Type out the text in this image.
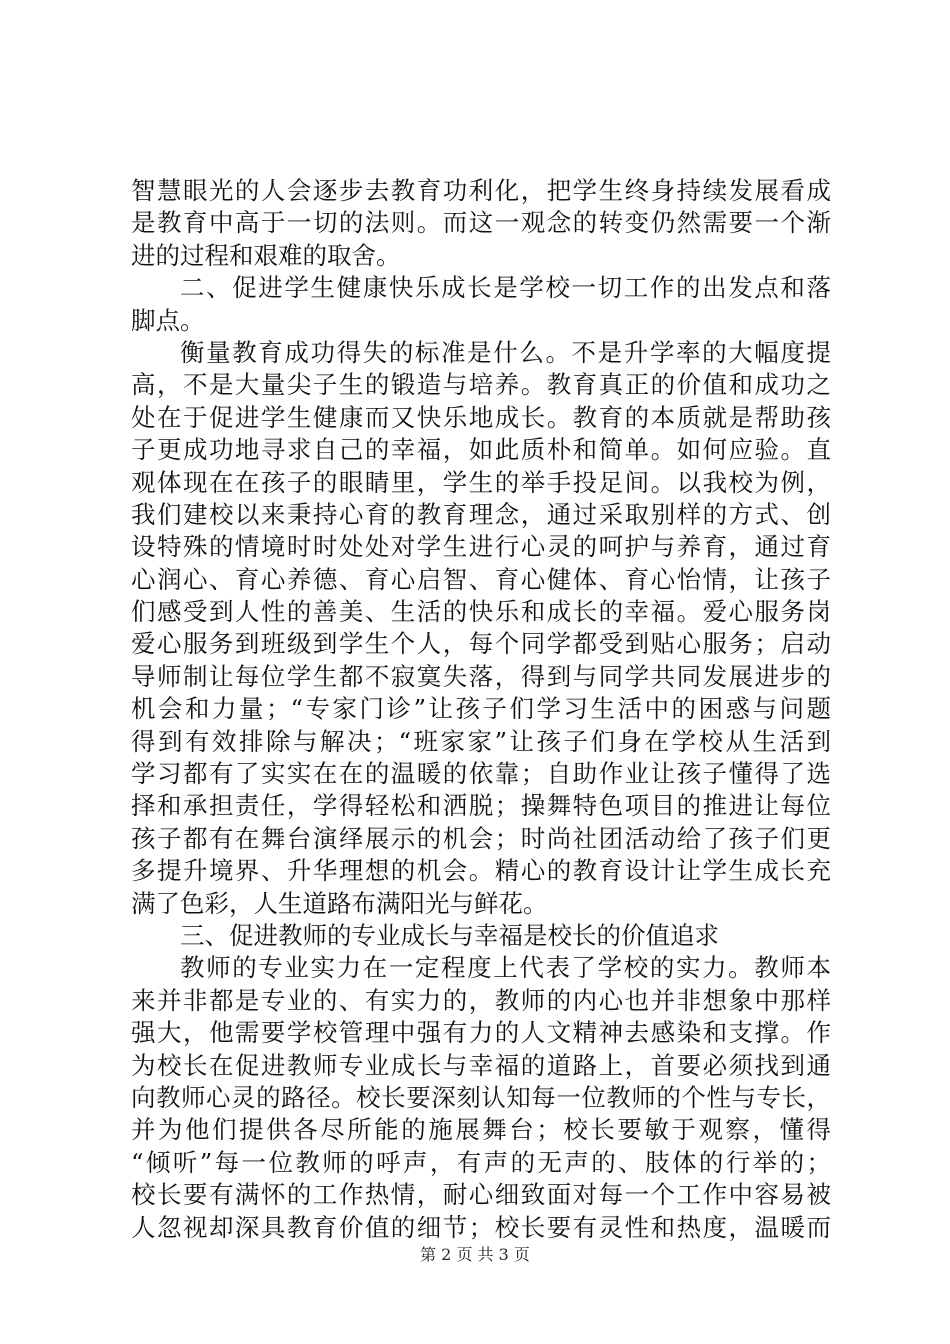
智慧眼光的人会逐步去教育功利化，把学生终身持续发展看成
是教育中高于一切的法则。而这一观念的转变仍然需要一个渐
进的过程和艰难的取舍。
二、促进学生健康快乐成长是学校一切工作的出发点和落
脚点。
衡量教育成功得失的标准是什么。不是升学率的大幅度提
高，不是大量尖子生的锻造与培养。教育真正的价值和成功之
处在于促进学生健康而又快乐地成长。教育的本质就是帮助孩
子更成功地寻求自己的幸福，如此质朴和简单。如何应验。直
观体现在在孩子的眼睛里，学生的举手投足间。以我校为例，
我们建校以来秉持心育的教育理念，通过采取别样的方式、创
设特殊的情境时时处处对学生进行心灵的呵护与养育，通过育
心润心、育心养德、育心启智、育心健体、育心怡情，让孩子
们感受到人性的善美、生活的快乐和成长的幸福。爱心服务岗
爱心服务到班级到学生个人，每个同学都受到贴心服务；启动
导师制让每位学生都不寂寞失落，得到与同学共同发展进步的
机会和力量；“专家门诊”让孩子们学习生活中的困惑与问题
得到有效排除与解决；“班家家”让孩子们身在学校从生活到
学习都有了实实在在的温暖的依靠；自助作业让孩子懂得了选
择和承担责任，学得轻松和洒脱；操舞特色项目的推进让每位
孩子都有在舞台演绎展示的机会；时尚社团活动给了孩子们更
多提升境界、升华理想的机会。精心的教育设计让学生成长充
满了色彩，人生道路布满阳光与鲜花。
三、促进教师的专业成长与幸福是校长的价值追求
教师的专业实力在一定程度上代表了学校的实力。教师本
来并非都是专业的、有实力的，教师的内心也并非想象中那样
强大，他需要学校管理中强有力的人文精神去感染和支撑。作
为校长在促进教师专业成长与幸福的道路上，首要必须找到通
向教师心灵的路径。校长要深刻认知每一位教师的个性与专长，
并为他们提供各尽所能的施展舞台；校长要敏于观察，懂得
“倾听”每一位教师的呼声，有声的无声的、肢体的行举的；
校长要有满怀的工作热情，耐心细致面对每一个工作中容易被
人忽视却深具教育价值的细节；校长要有灵性和热度，温暖而
第 2 页 共 3 页
